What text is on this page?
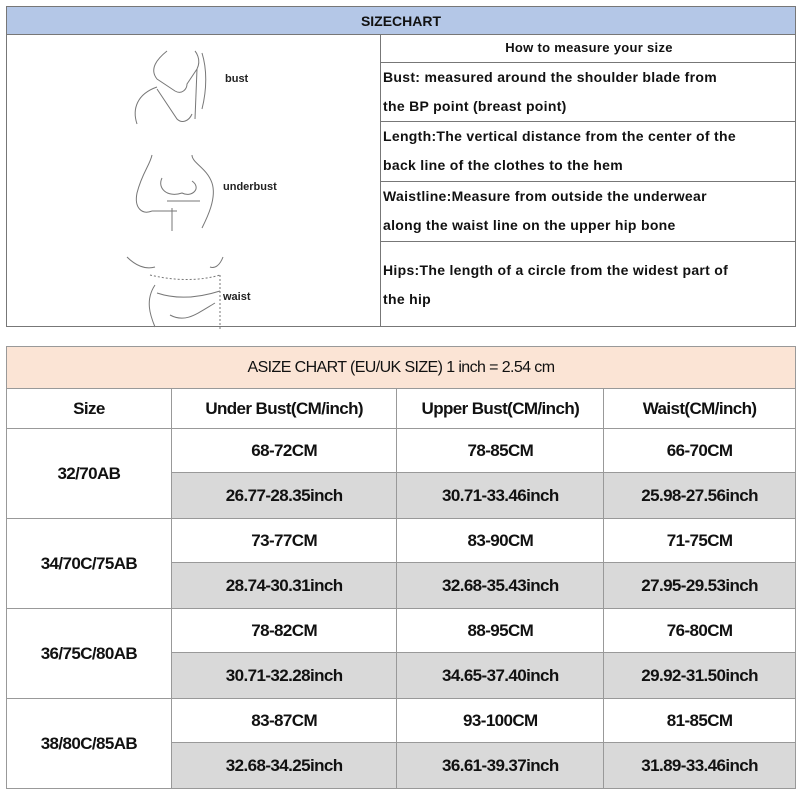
SIZECHART
bust
underbust
waist
How to measure your size
Bust: measured around the shoulder blade from
the BP point (breast point)
Length:The vertical distance from the center of the
back line of the clothes to the hem
Waistline:Measure from outside the underwear
along the waist line on the upper hip bone
Hips:The length of a circle from the widest part of
the hip
ASIZE CHART (EU/UK SIZE) 1 inch = 2.54 cm			
Size	Under Bust(CM/inch)	Upper Bust(CM/inch)	Waist(CM/inch)
32/70AB	68-72CM	78-85CM	66-70CM
	26.77-28.35inch	30.71-33.46inch	25.98-27.56inch
34/70C/75AB	73-77CM	83-90CM	71-75CM
	28.74-30.31inch	32.68-35.43inch	27.95-29.53inch
36/75C/80AB	78-82CM	88-95CM	76-80CM
	30.71-32.28inch	34.65-37.40inch	29.92-31.50inch
38/80C/85AB	83-87CM	93-100CM	81-85CM
	32.68-34.25inch	36.61-39.37inch	31.89-33.46inch
